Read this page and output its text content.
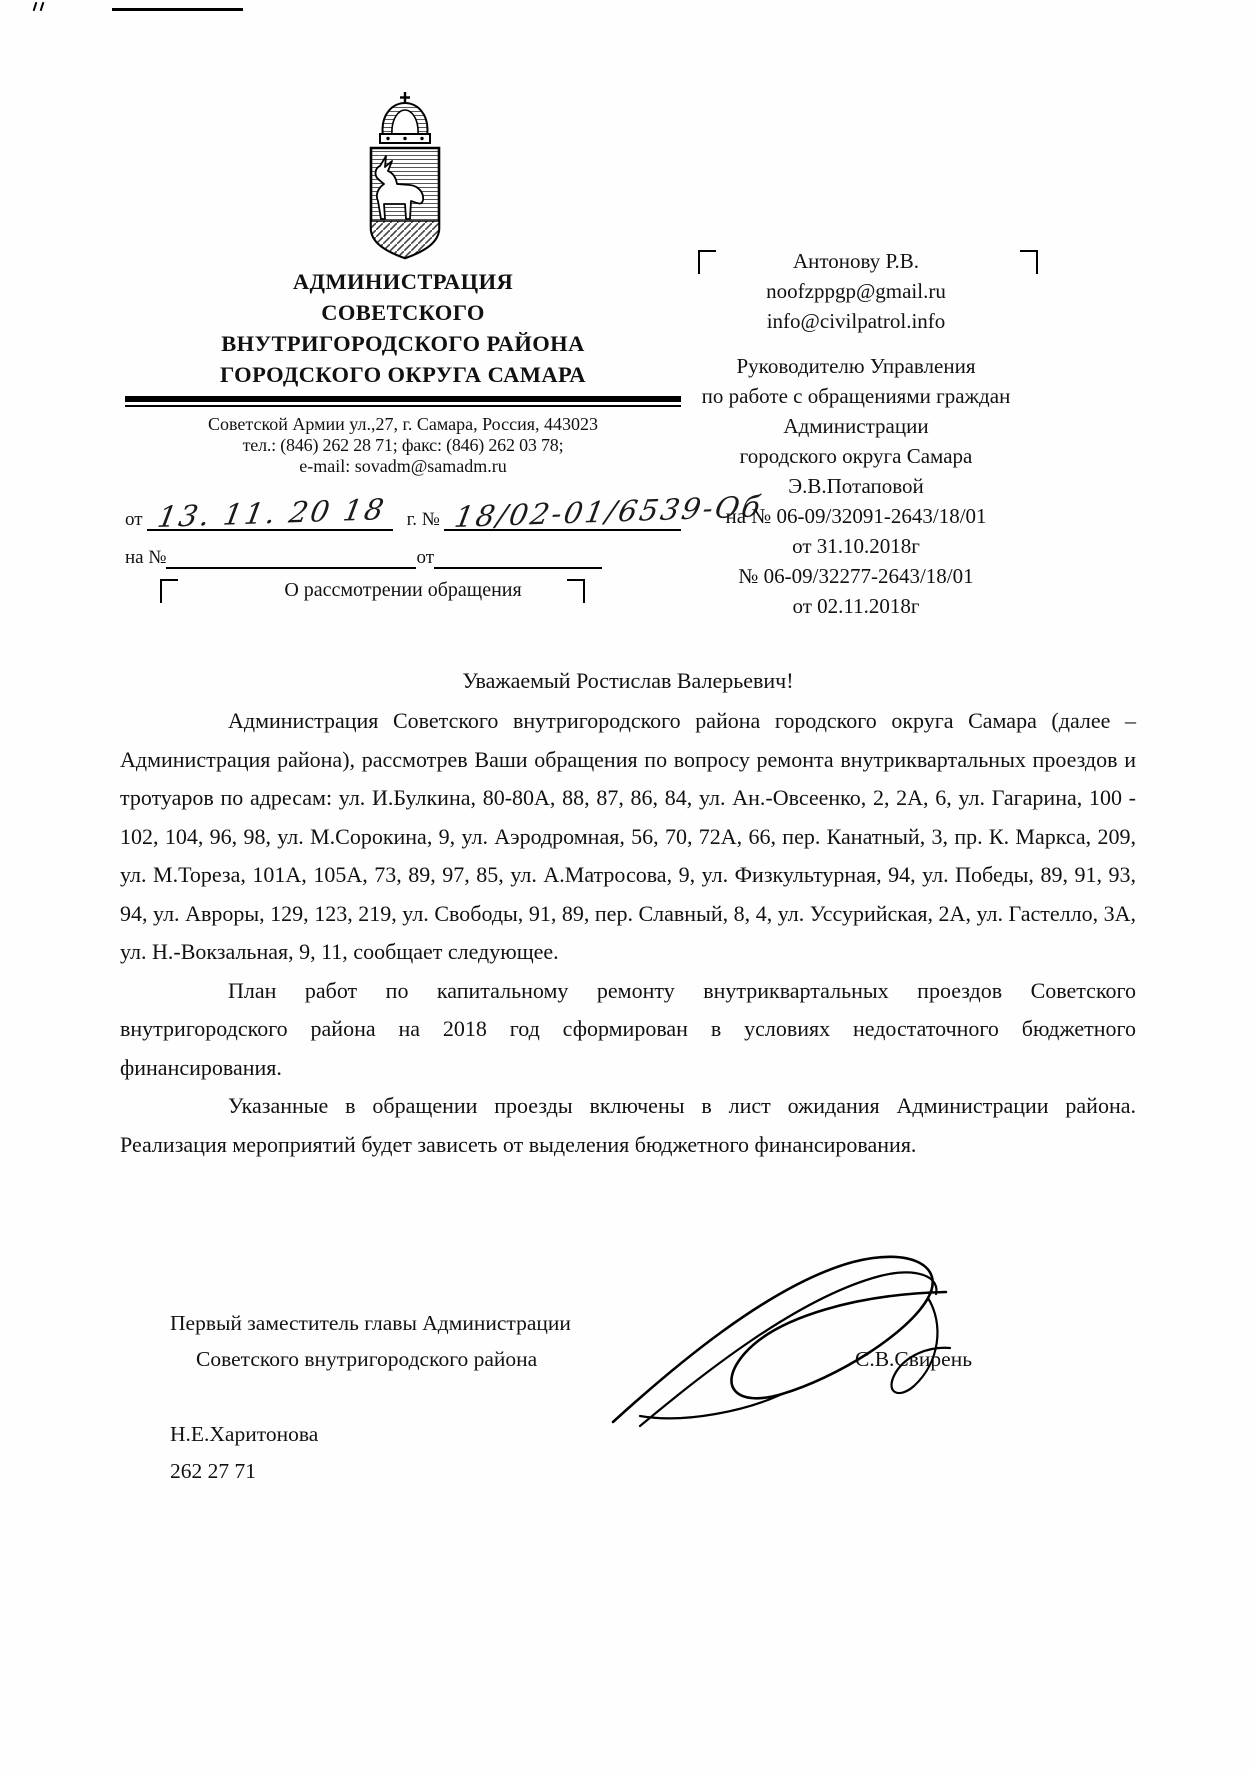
АДМИНИСТРАЦИЯ
СОВЕТСКОГО
ВНУТРИГОРОДСКОГО РАЙОНА
ГОРОДСКОГО ОКРУГА САМАРА
Советской Армии ул.,27, г. Самара, Россия, 443023
тел.: (846) 262 28 71; факс: (846) 262 03 78;
e-mail: sovadm@samadm.ru
от 13. 11. 20 18 г. № 18/02-01/6539-Об
на №	от
О рассмотрении обращения
Антонову Р.В.
noofzppgp@gmail.ru
info@civilpatrol.info
Руководителю Управления
по работе с обращениями граждан
Администрации
городского округа Самара
Э.В.Потаповой
на № 06-09/32091-2643/18/01
от 31.10.2018г
№ 06-09/32277-2643/18/01
от 02.11.2018г
Уважаемый Ростислав Валерьевич!

Администрация Советского внутригородского района городского округа Самара (далее – Администрация района), рассмотрев Ваши обращения по вопросу ремонта внутриквартальных проездов и тротуаров по адресам: ул. И.Булкина, 80-80А, 88, 87, 86, 84, ул. Ан.-Овсеенко, 2, 2А, 6, ул. Гагарина, 100 - 102, 104, 96, 98, ул. М.Сорокина, 9, ул. Аэродромная, 56, 70, 72А, 66, пер. Канатный, 3, пр. К. Маркса, 209, ул. М.Тореза, 101А, 105А, 73, 89, 97, 85, ул. А.Матросова, 9, ул. Физкультурная, 94, ул. Победы, 89, 91, 93, 94, ул. Авроры, 129, 123, 219, ул. Свободы, 91, 89, пер. Славный, 8, 4, ул. Уссурийская, 2А, ул. Гастелло, 3А, ул. Н.-Вокзальная, 9, 11, сообщает следующее.

План работ по капитальному ремонту внутриквартальных проездов Советского внутригородского района на 2018 год сформирован в условиях недостаточного бюджетного финансирования.

Указанные в обращении проезды включены в лист ожидания Администрации района. Реализация мероприятий будет зависеть от выделения бюджетного финансирования.

Первый заместитель главы Администрации
Советского внутригородского района	С.В.Свирень
Н.Е.Харитонова
262 27 71
